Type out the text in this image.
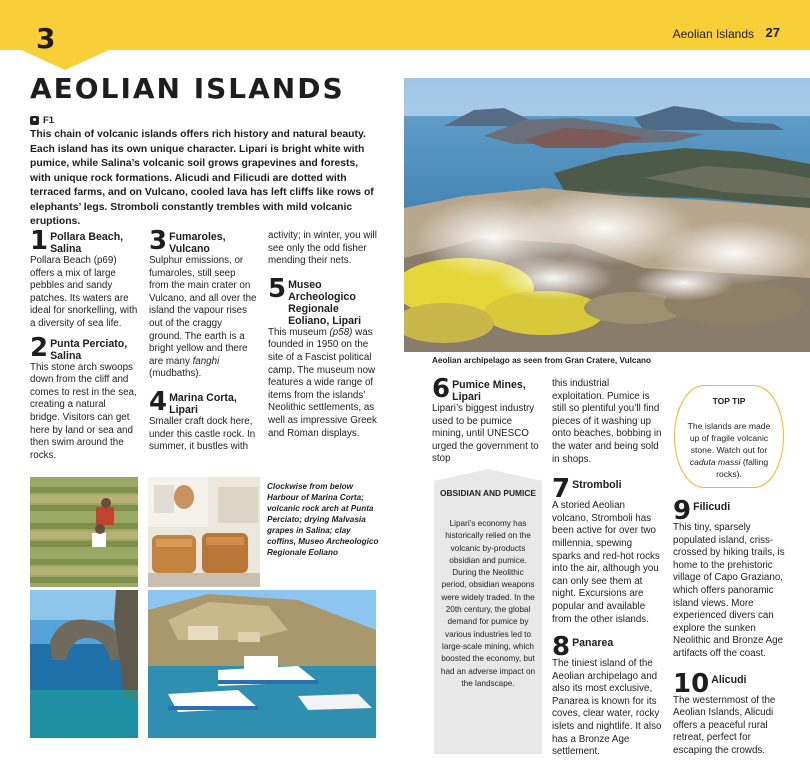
3	Aeolian Islands 27
AEOLIAN ISLANDS
F1

This chain of volcanic islands offers rich history and natural beauty. Each island has its own unique character. Lipari is bright white with pumice, while Salina’s volcanic soil grows grapevines and forests, with unique rock formations. Alicudi and Filicudi are dotted with terraced farms, and on Vulcano, cooled lava has left cliffs like rows of elephants’ legs. Stromboli constantly trembles with mild volcanic eruptions.

1 Pollara Beach, Salina

Pollara Beach (p69) offers a mix of large pebbles and sandy patches. Its waters are ideal for snorkelling, with a diversity of sea life.

2 Punta Perciato, Salina

This stone arch swoops down from the cliff and comes to rest in the sea, creating a natural bridge. Visitors can get here by land or sea and then swim around the rocks.

3 Fumaroles, Vulcano

Sulphur emissions, or fumaroles, still seep from the main crater on Vulcano, and all over the island the vapour rises out of the craggy ground. The earth is a bright yellow and there are many fanghi (mudbaths).

4 Marina Corta, Lipari

Smaller craft dock here, under this castle rock. In summer, it bustles with

activity; in winter, you will see only the odd fisher mending their nets.

5 Museo Archeologico Regionale Eoliano, Lipari

This museum (p58) was founded in 1950 on the site of a Fascist political camp. The museum now features a wide range of items from the islands’ Neolithic settlements, as well as impressive Greek and Roman displays.

Aeolian archipelago as seen from Gran Cratere, Vulcano
Clockwise from below Harbour of Marina Corta; volcanic rock arch at Punta Perciato; drying Malvasia grapes in Salina; clay coffins, Museo Archeologico Regionale Eoliano
6 Pumice Mines, Lipari

Lipari’s biggest industry used to be pumice mining, until UNESCO urged the government to stop

OBSIDIAN AND PUMICE

Lipari’s economy has historically relied on the volcanic by-products obsidian and pumice. During the Neolithic period, obsidian weapons were widely traded. In the 20th century, the global demand for pumice by various industries led to large-scale mining, which boosted the economy, but had an adverse impact on the landscape.

this industrial exploitation. Pumice is still so plentiful you’ll find pieces of it washing up onto beaches, bobbing in the water and being sold in shops.

7 Stromboli

A storied Aeolian volcano, Stromboli has been active for over two millennia, spewing sparks and red-hot rocks into the air, although you can only see them at night. Excursions are popular and available from the other islands.

8 Panarea

The tiniest island of the Aeolian archipelago and also its most exclusive, Panarea is known for its coves, clear water, rocky islets and nightlife. It also has a Bronze Age settlement.

TOP TIP

The islands are made up of fragile volcanic stone. Watch out for caduta massi (falling rocks).

9 Filicudi

This tiny, sparsely populated island, criss-crossed by hiking trails, is home to the prehistoric village of Capo Graziano, which offers panoramic island views. More experienced divers can explore the sunken Neolithic and Bronze Age artifacts off the coast.

10 Alicudi

The westernmost of the Aeolian Islands, Alicudi offers a peaceful rural retreat, perfect for escaping the crowds.
